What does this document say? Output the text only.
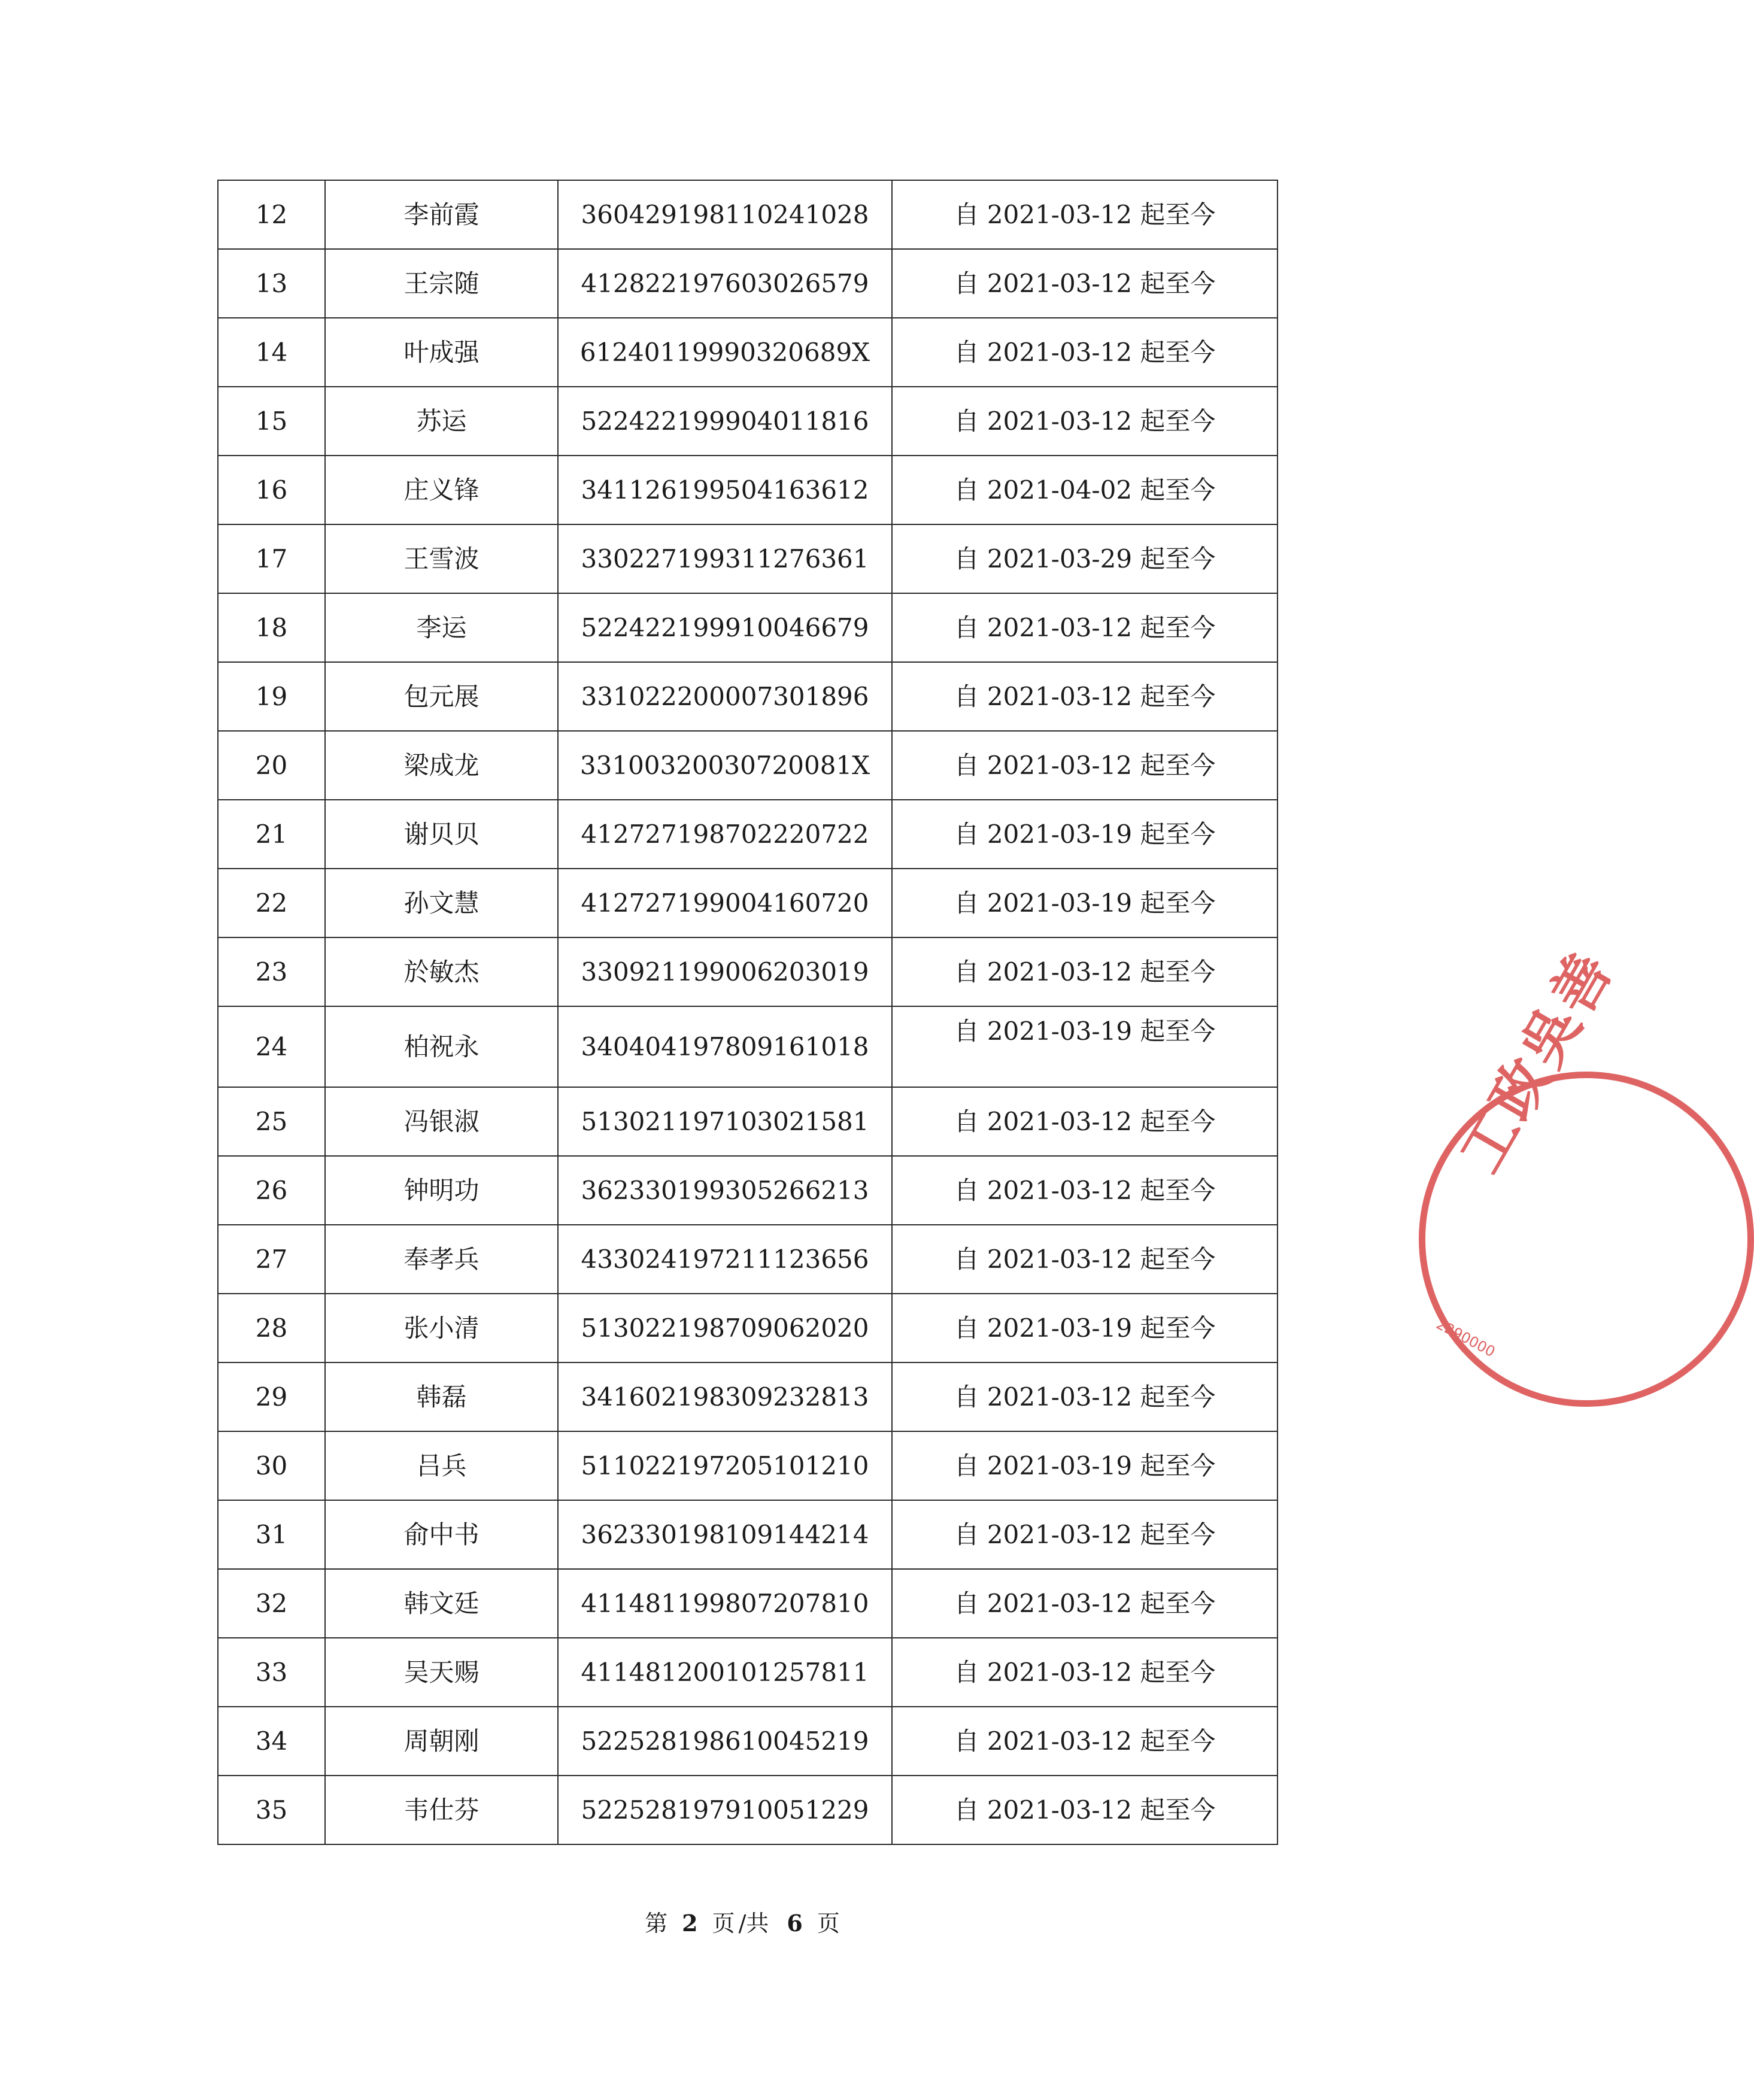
12	李前霞	360429198110241028	自 2021-03-12 起至今
13	王宗随	412822197603026579	自 2021-03-12 起至今
14	叶成强	61240119990320689X	自 2021-03-12 起至今
15	苏运	522422199904011816	自 2021-03-12 起至今
16	庄义锋	341126199504163612	自 2021-04-02 起至今
17	王雪波	330227199311276361	自 2021-03-29 起至今
18	李运	522422199910046679	自 2021-03-12 起至今
19	包元展	331022200007301896	自 2021-03-12 起至今
20	梁成龙	33100320030720081X	自 2021-03-12 起至今
21	谢贝贝	412727198702220722	自 2021-03-19 起至今
22	孙文慧	412727199004160720	自 2021-03-19 起至今
23	於敏杰	330921199006203019	自 2021-03-12 起至今
24	柏祝永	340404197809161018	自 2021-03-19 起至今
25	冯银淑	513021197103021581	自 2021-03-12 起至今
26	钟明功	362330199305266213	自 2021-03-12 起至今
27	奉孝兵	433024197211123656	自 2021-03-12 起至今
28	张小清	513022198709062020	自 2021-03-19 起至今
29	韩磊	341602198309232813	自 2021-03-12 起至今
30	吕兵	511022197205101210	自 2021-03-19 起至今
31	俞中书	362330198109144214	自 2021-03-12 起至今
32	韩文廷	411481199807207810	自 2021-03-12 起至今
33	吴天赐	411481200101257811	自 2021-03-12 起至今
34	周朝刚	522528198610045219	自 2021-03-12 起至今
35	韦仕芬	522528197910051229	自 2021-03-12 起至今
第 2 页 /共 6 页
工政吳善
2290000
